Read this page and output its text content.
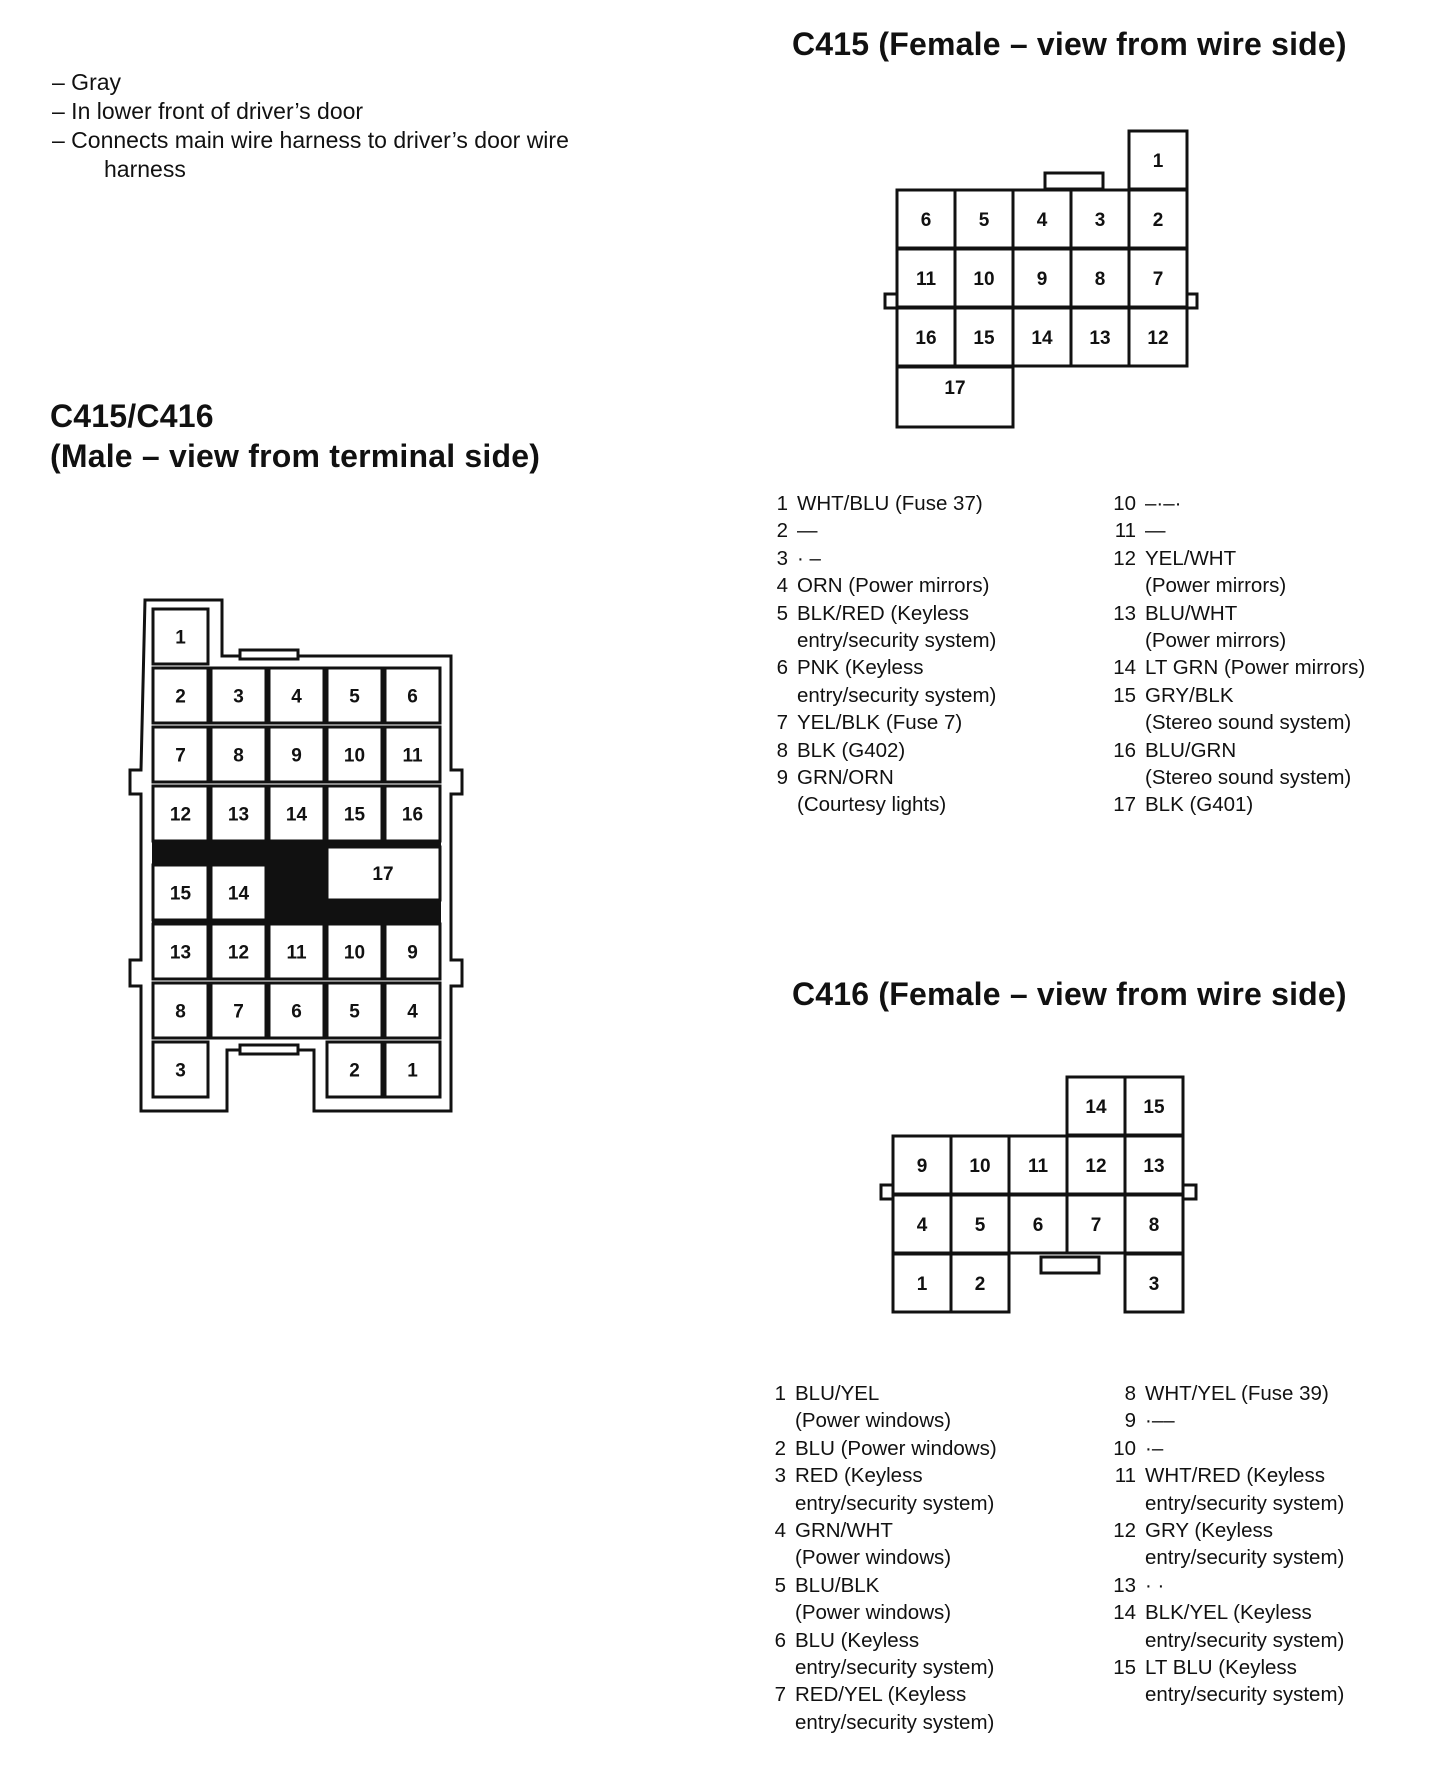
– Gray
– In lower front of driver’s door
– Connects main wire harness to driver’s door wire
harness
C415/C416
(Male – view from terminal side)
C415 (Female – view from wire side)
C416 (Female – view from wire side)
1
2 3 4 5 6
7 8 9 10 11
12 13 14 15 16
17
15 14
13 12 11 10 9
8 7 6 5 4
3	2 1
1
6 5 4 3 2
11 10 9 8 7
16 15 14 13 12
17
14 15
9 10 11 12 13
4 5 6 7 8
1 2	3
1 WHT/BLU (Fuse 37)
2 —
3 · –
4 ORN (Power mirrors)
5 BLK/RED (Keyless
entry/security system)
6 PNK (Keyless
entry/security system)
7 YEL/BLK (Fuse 7)
8 BLK (G402)
9 GRN/ORN
(Courtesy lights)
10 –·–·
11 —
12 YEL/WHT
(Power mirrors)
13 BLU/WHT
(Power mirrors)
14 LT GRN (Power mirrors)
15 GRY/BLK
(Stereo sound system)
16 BLU/GRN
(Stereo sound system)
17 BLK (G401)
1 BLU/YEL
(Power windows)
2 BLU (Power windows)
3 RED (Keyless
entry/security system)
4 GRN/WHT
(Power windows)
5 BLU/BLK
(Power windows)
6 BLU (Keyless
entry/security system)
7 RED/YEL (Keyless
entry/security system)
8 WHT/YEL (Fuse 39)
9 ·––
10 ·–
11 WHT/RED (Keyless
entry/security system)
12 GRY (Keyless
entry/security system)
13 · ·
14 BLK/YEL (Keyless
entry/security system)
15 LT BLU (Keyless
entry/security system)
